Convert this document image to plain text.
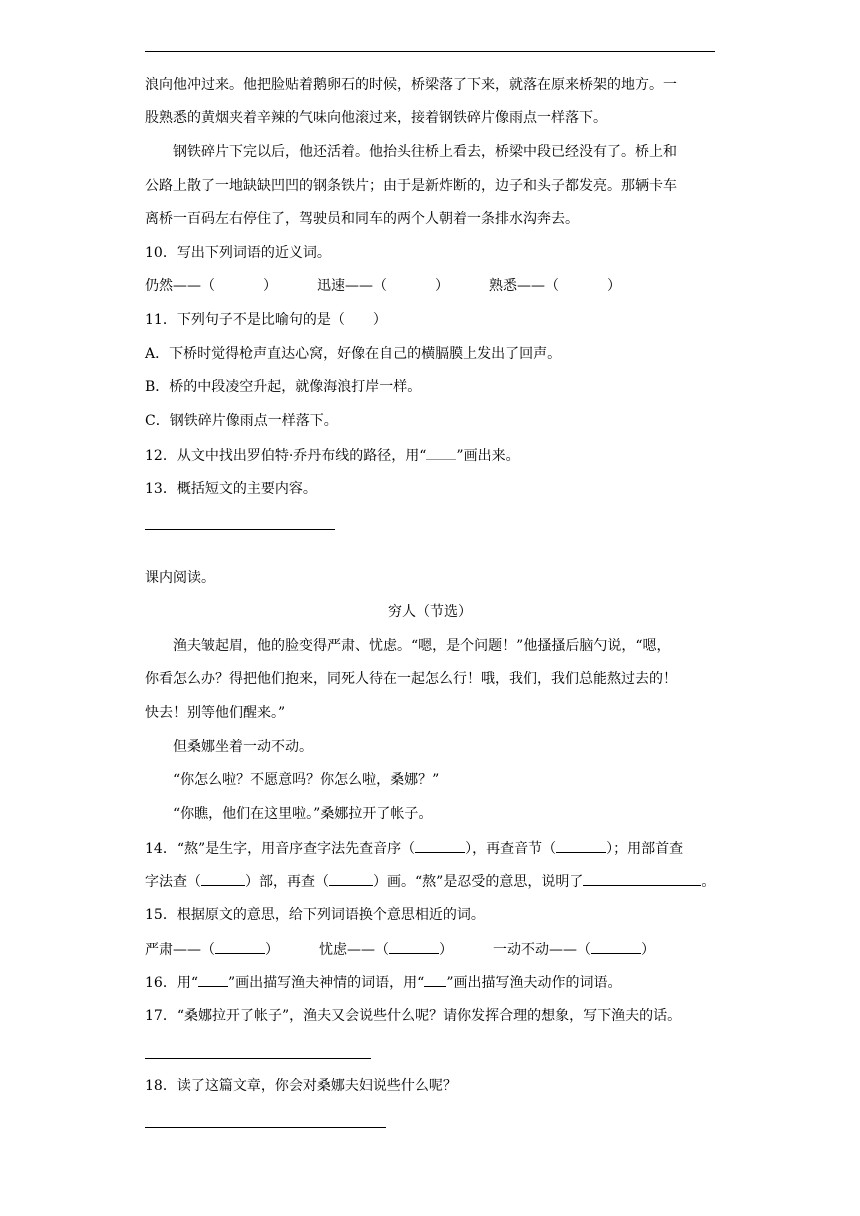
浪向他冲过来。他把脸贴着鹅卵石的时候，桥梁落了下来，就落在原来桥架的地方。一
股熟悉的黄烟夹着辛辣的气味向他滚过来，接着钢铁碎片像雨点一样落下。
钢铁碎片下完以后，他还活着。他抬头往桥上看去，桥梁中段已经没有了。桥上和
公路上散了一地缺缺凹凹的钢条铁片；由于是新炸断的，边子和头子都发亮。那辆卡车
离桥一百码左右停住了，驾驶员和同车的两个人朝着一条排水沟奔去。
10．写出下列词语的近义词。
仍然——（	）	迅速——（	）	熟悉——（	）
11．下列句子不是比喻句的是（　　）
A．下桥时觉得枪声直达心窝，好像在自己的横膈膜上发出了回声。
B．桥的中段凌空升起，就像海浪打岸一样。
C．钢铁碎片像雨点一样落下。
12．从文中找出罗伯特·乔丹布线的路径，用“ ”画出来。
13．概括短文的主要内容。
课内阅读。
穷人（节选）
渔夫皱起眉，他的脸变得严肃、忧虑。“嗯，是个问题！”他搔搔后脑勺说，“嗯，
你看怎么办？得把他们抱来，同死人待在一起怎么行！哦，我们，我们总能熬过去的！
快去！别等他们醒来。”
但桑娜坐着一动不动。
“你怎么啦？不愿意吗？你怎么啦，桑娜？”
“你瞧，他们在这里啦。”桑娜拉开了帐子。
14．“熬”是生字，用音序查字法先查音序（	），再查音节（	）；用部首查
字法查（	）部，再查（	）画。“熬”是忍受的意思，说明了	。
15．根据原文的意思，给下列词语换个意思相近的词。
严肃——（	）	忧虑——（	）	一动不动——（	）
16．用“ ”画出描写渔夫神情的词语，用“ ”画出描写渔夫动作的词语。
17．“桑娜拉开了帐子”，渔夫又会说些什么呢？请你发挥合理的想象，写下渔夫的话。
18．读了这篇文章，你会对桑娜夫妇说些什么呢？
